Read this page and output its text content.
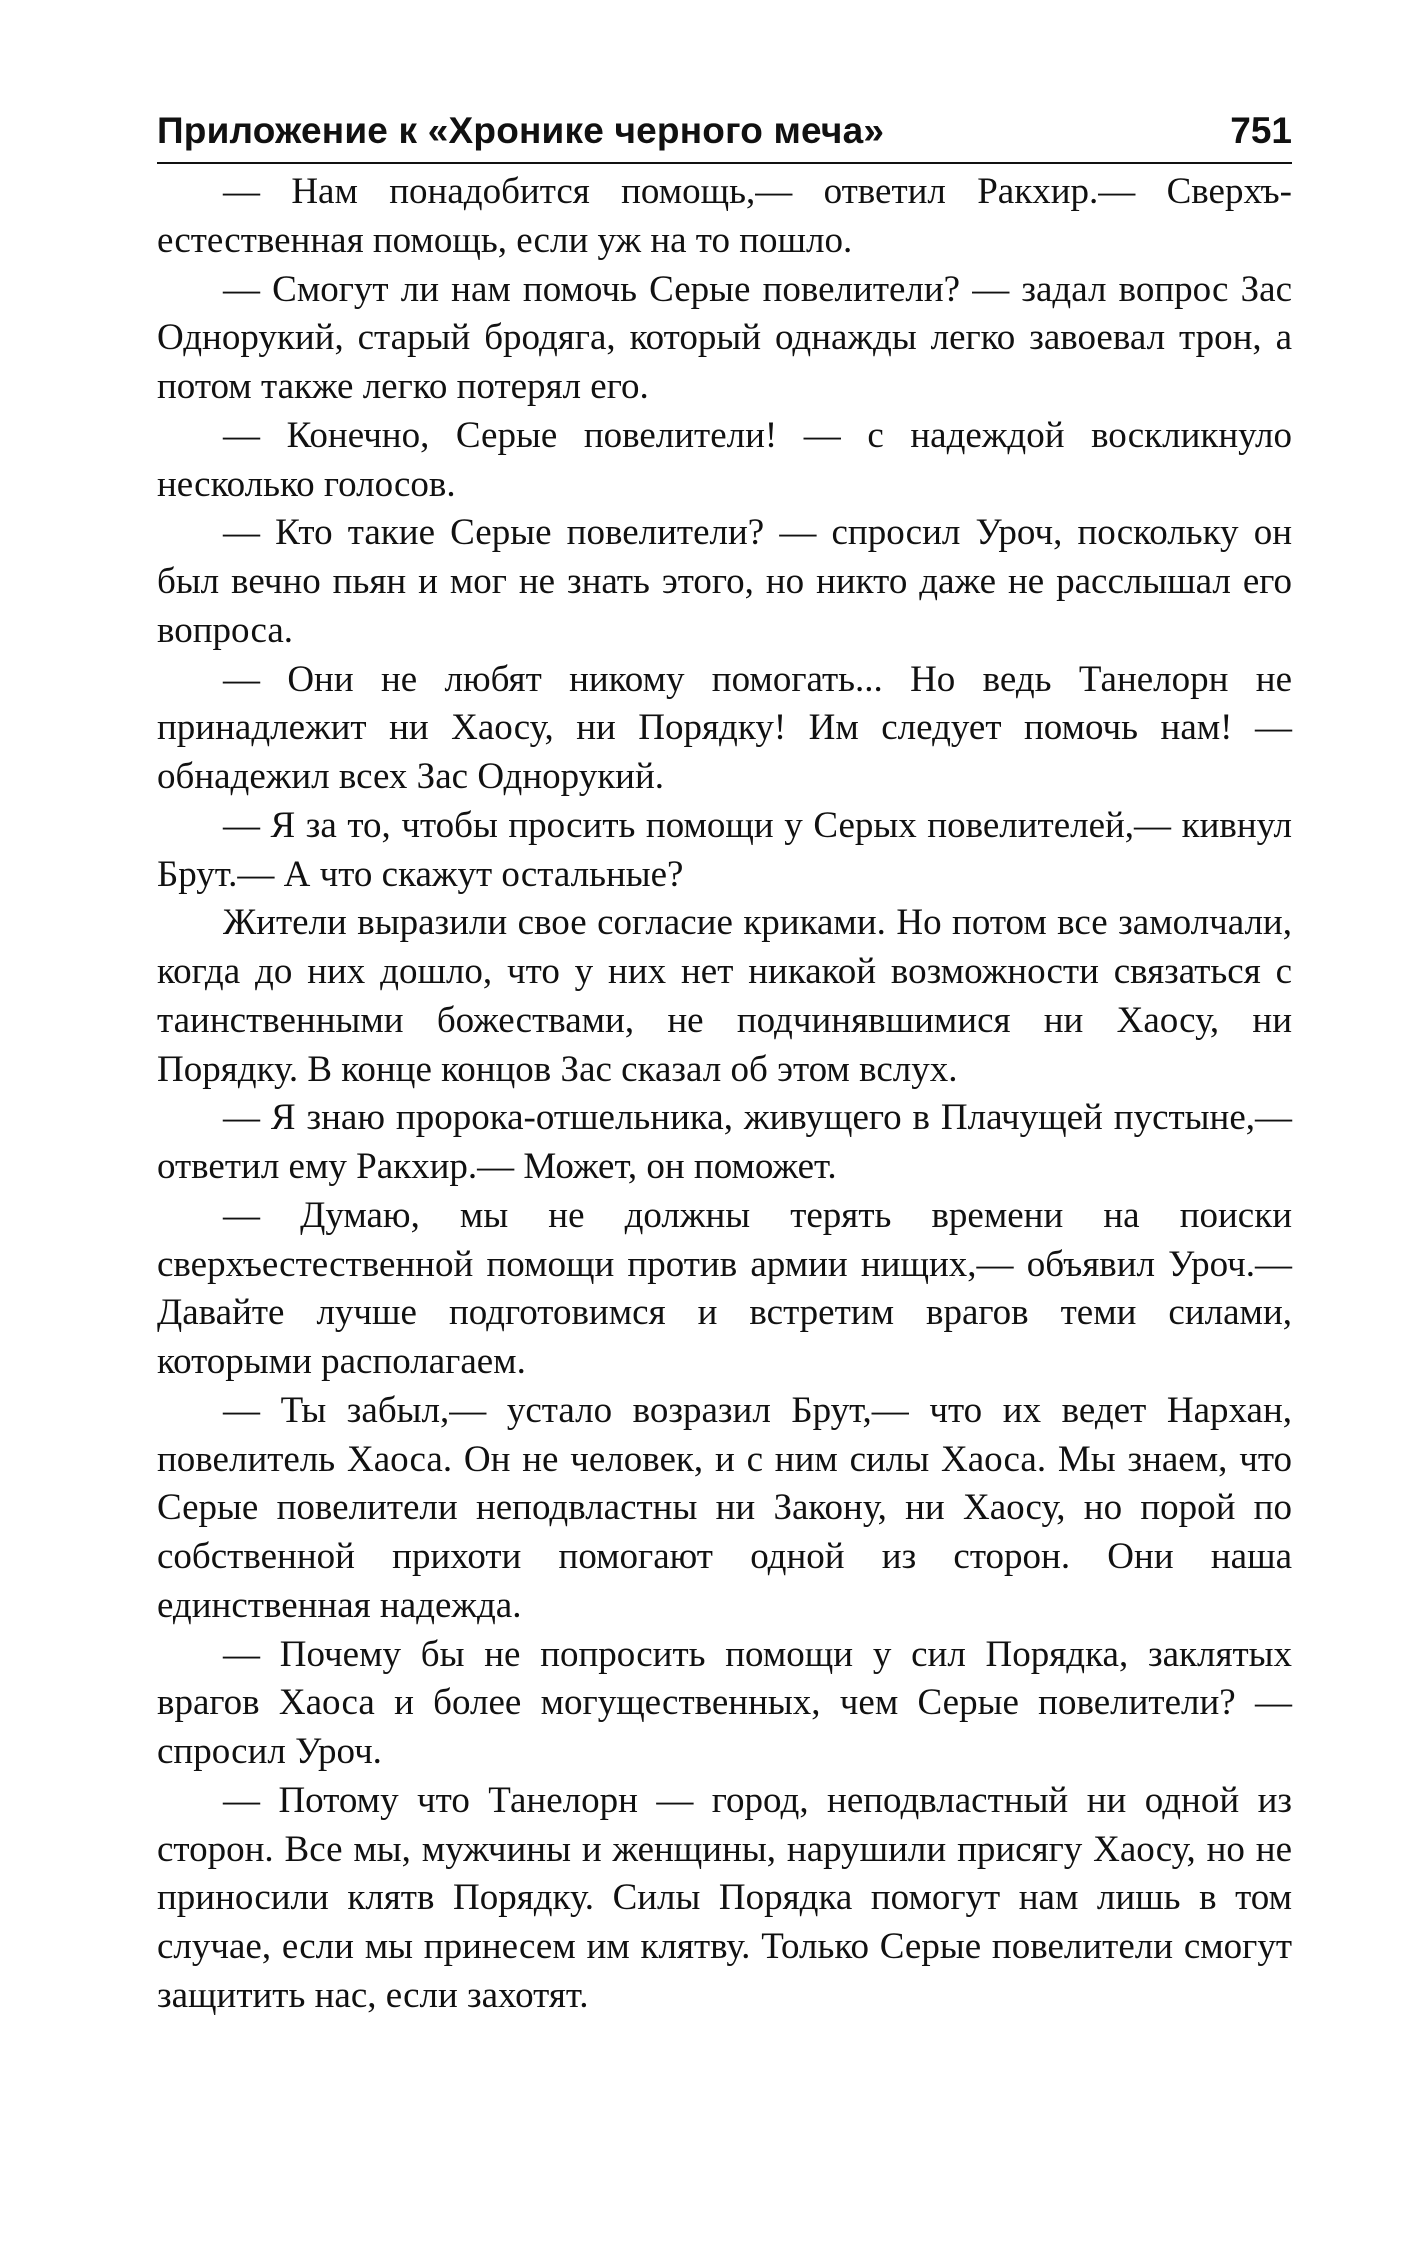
Приложение к «Хронике черного меча»	751

— Нам понадобится помощь,— ответил Ракхир.— Сверхъестественная помощь, если уж на то пошло.

— Смогут ли нам помочь Серые повелители? — задал вопрос Зас Однорукий, старый бродяга, который однажды легко завоевал трон, а потом также легко потерял его.

— Конечно, Серые повелители! — с надеждой воскликнуло несколько голосов.

— Кто такие Серые повелители? — спросил Уроч, поскольку он был вечно пьян и мог не знать этого, но никто даже не расслышал его вопроса.

— Они не любят никому помогать... Но ведь Танелорн не принадлежит ни Хаосу, ни Порядку! Им следует помочь нам! — обнадежил всех Зас Однорукий.

— Я за то, чтобы просить помощи у Серых повелителей,— кивнул Брут.— А что скажут остальные?

Жители выразили свое согласие криками. Но потом все замолчали, когда до них дошло, что у них нет никакой возможности связаться с таинственными божествами, не подчинявшимися ни Хаосу, ни Порядку. В конце концов Зас сказал об этом вслух.

— Я знаю пророка-отшельника, живущего в Плачущей пустыне,— ответил ему Ракхир.— Может, он поможет.

— Думаю, мы не должны терять времени на поиски сверхъестественной помощи против армии нищих,— объявил Уроч.— Давайте лучше подготовимся и встретим врагов теми силами, которыми располагаем.

— Ты забыл,— устало возразил Брут,— что их ведет Нархан, повелитель Хаоса. Он не человек, и с ним силы Хаоса. Мы знаем, что Серые повелители неподвластны ни Закону, ни Хаосу, но порой по собственной прихоти помогают одной из сторон. Они наша единственная надежда.

— Почему бы не попросить помощи у сил Порядка, заклятых врагов Хаоса и более могущественных, чем Серые повелители? — спросил Уроч.

— Потому что Танелорн — город, неподвластный ни одной из сторон. Все мы, мужчины и женщины, нарушили присягу Хаосу, но не приносили клятв Порядку. Силы Порядка помогут нам лишь в том случае, если мы принесем им клятву. Только Серые повелители смогут защитить нас, если захотят.
